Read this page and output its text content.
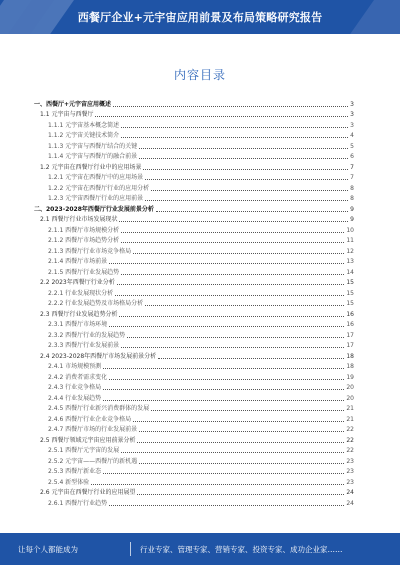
西餐厅企业+元宇宙应用前景及布局策略研究报告
内容目录
一、西餐厅+元宇宙应用概述	3
1.1 元宇宙与西餐厅	3
1.1.1 元宇宙基本概念简述	3
1.1.2 元宇宙关键技术简介	4
1.1.3 元宇宙与西餐厅结合的关键	5
1.1.4 元宇宙与西餐厅的融合前景	6
1.2 元宇宙在西餐厅行业中的应用场景	7
1.2.1 元宇宙在西餐厅中的应用场景	7
1.2.2 元宇宙在西餐厅行业的应用分析	8
1.2.3 元宇宙西餐厅行业的应用前景	8
二、2023-2028年西餐厅行业发展前景分析	9
2.1 西餐厅行业市场发展现状	9
2.1.1 西餐厅市场规模分析	10
2.1.2 西餐厅市场趋势分析	11
2.1.3 西餐厅行业市场竞争格局	12
2.1.4 西餐厅市场前景	13
2.1.5 西餐厅行业发展趋势	14
2.2 2023年西餐厅行业分析	15
2.2.1 行业发展现状分析	15
2.2.2 行业发展趋势及市场格局分析	15
2.3 西餐厅行业发展趋势分析	16
2.3.1 西餐厅市场环境	16
2.3.2 西餐厅行业的发展趋势	17
2.3.3 西餐厅行业发展前景	17
2.4 2023-2028年西餐厅市场发展前景分析	18
2.4.1 市场规模预测	18
2.4.2 消费者需求变化	19
2.4.3 行业竞争格局	20
2.4.4 行业发展趋势	20
2.4.5 西餐厅行业新兴消费群体的发展	21
2.4.6 西餐厅行业企业竞争格局	21
2.4.7 西餐厅市场的行业发展前景	22
2.5 西餐厅领域元宇宙应用前景分析	22
2.5.1 西餐厅元宇宙的发展	22
2.5.2 元宇宙——西餐厅的新机遇	23
2.5.3 西餐厅新业态	23
2.5.4 新型体验	23
2.6 元宇宙在西餐厅行业的应用展望	24
2.6.1 西餐厅行业趋势	24
让每个人都能成为	行业专家、管理专家、营销专家、投资专家、成功企业家……
